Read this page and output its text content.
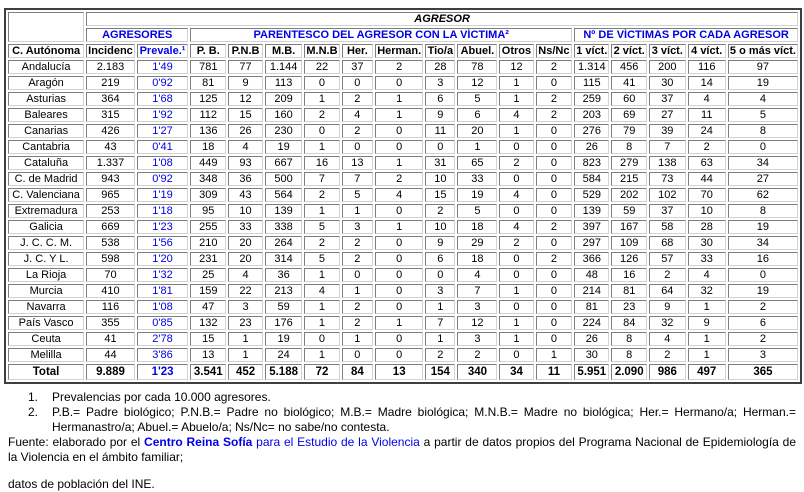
	AGRESOR																
	AGRESORES		PARENTESCO DEL AGRESOR CON LA VÍCTIMA²										Nº DE VÍCTIMAS POR CADA AGRESOR				
C. Autónoma	Incidenc	Prevale.¹	P. B.	P.N.B	M.B.	M.N.B	Her.	Herman.	Tio/a	Abuel.	Otros	Ns/Nc	1 víct.	2 víct.	3 víct.	4 víct.	5 o más víct.
Andalucía	2.183	1'49	781	77	1.144	22	37	2	28	78	12	2	1.314	456	200	116	97
Aragón	219	0'92	81	9	113	0	0	0	3	12	1	0	115	41	30	14	19
Asturias	364	1'68	125	12	209	1	2	1	6	5	1	2	259	60	37	4	4
Baleares	315	1'92	112	15	160	2	4	1	9	6	4	2	203	69	27	11	5
Canarias	426	1'27	136	26	230	0	2	0	11	20	1	0	276	79	39	24	8
Cantabria	43	0'41	18	4	19	1	0	0	0	1	0	0	26	8	7	2	0
Cataluña	1.337	1'08	449	93	667	16	13	1	31	65	2	0	823	279	138	63	34
C. de Madrid	943	0'92	348	36	500	7	7	2	10	33	0	0	584	215	73	44	27
C. Valenciana	965	1'19	309	43	564	2	5	4	15	19	4	0	529	202	102	70	62
Extremadura	253	1'18	95	10	139	1	1	0	2	5	0	0	139	59	37	10	8
Galicia	669	1'23	255	33	338	5	3	1	10	18	4	2	397	167	58	28	19
J. C. C. M.	538	1'56	210	20	264	2	2	0	9	29	2	0	297	109	68	30	34
J. C. Y L.	598	1'20	231	20	314	5	2	0	6	18	0	2	366	126	57	33	16
La Rioja	70	1'32	25	4	36	1	0	0	0	4	0	0	48	16	2	4	0
Murcia	410	1'81	159	22	213	4	1	0	3	7	1	0	214	81	64	32	19
Navarra	116	1'08	47	3	59	1	2	0	1	3	0	0	81	23	9	1	2
País Vasco	355	0'85	132	23	176	1	2	1	7	12	1	0	224	84	32	9	6
Ceuta	41	2'78	15	1	19	0	1	0	1	3	1	0	26	8	4	1	2
Melilla	44	3'86	13	1	24	1	0	0	2	2	0	1	30	8	2	1	3
Total	9.889	1'23	3.541	452	5.188	72	84	13	154	340	34	11	5.951	2.090	986	497	365
1. Prevalencias por cada 10.000 agresores.
2. P.B.= Padre biológico; P.N.B.= Padre no biológico; M.B.= Madre biológica; M.N.B.= Madre no biológica; Her.= Hermano/a; Herman.= Hermanastro/a; Abuel.= Abuelo/a; Ns/Nc= no sabe/no contesta.

Fuente: elaborado por el Centro Reina Sofía para el Estudio de la Violencia a partir de datos propios del Programa Nacional de Epidemiología de la Violencia en el ámbito familiar;

datos de población del INE.
